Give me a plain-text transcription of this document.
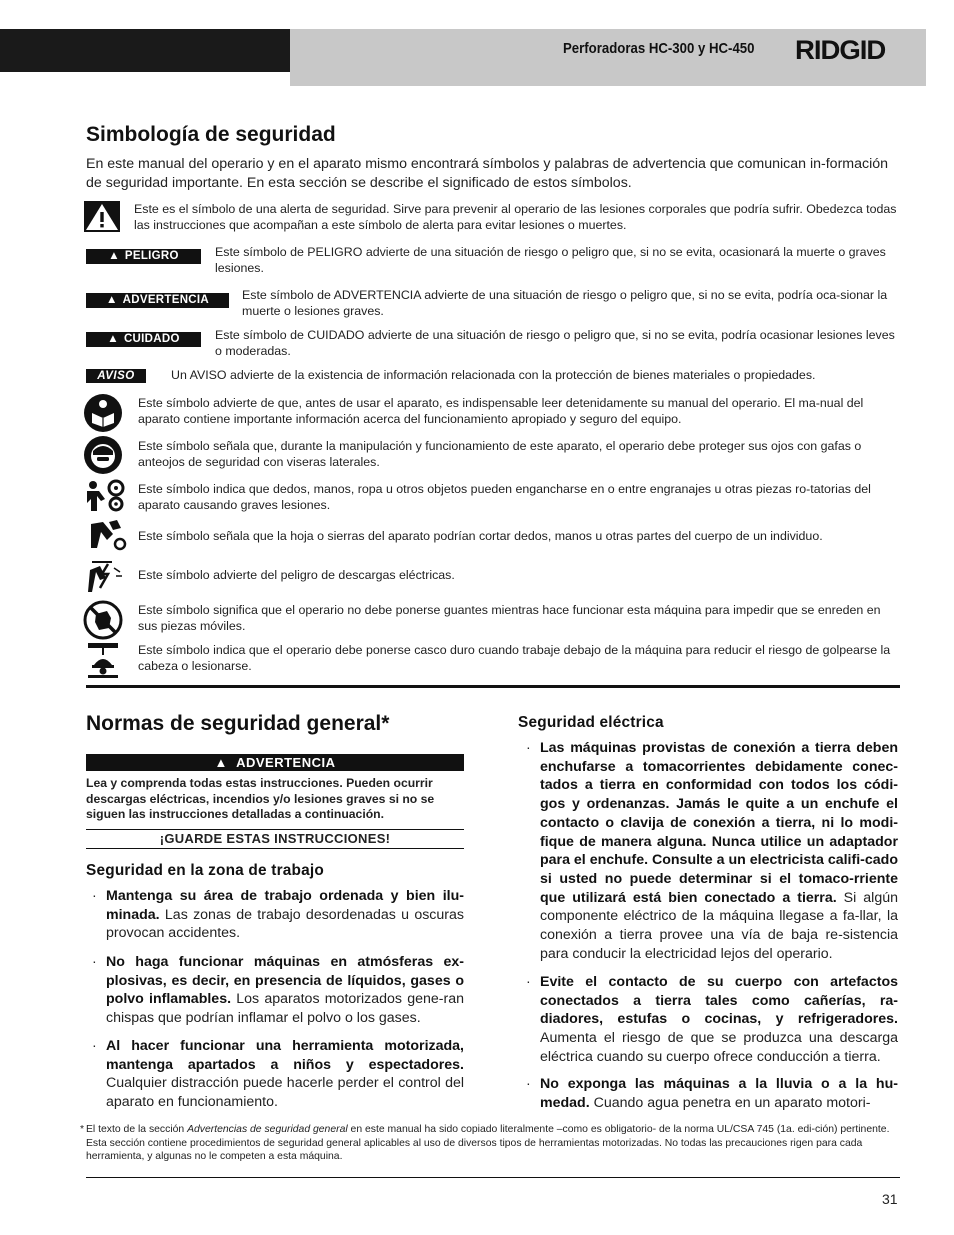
Perforadoras HC-300 y HC-450 RIDGID
Simbología de seguridad

En este manual del operario y en el aparato mismo encontrará símbolos y palabras de advertencia que comunican in-formación de seguridad importante. En esta sección se describe el significado de estos símbolos.

Este es el símbolo de una alerta de seguridad. Sirve para prevenir al operario de las lesiones corporales que podría sufrir. Obedezca todas las instrucciones que acompañan a este símbolo de alerta para evitar lesiones o muertes.

▲ PELIGRO	Este símbolo de PELIGRO advierte de una situación de riesgo o peligro que, si no se evita, ocasionará la muerte o graves lesiones.

▲ ADVERTENCIA	Este símbolo de ADVERTENCIA advierte de una situación de riesgo o peligro que, si no se evita, podría oca-sionar la muerte o lesiones graves.

▲ CUIDADO	Este símbolo de CUIDADO advierte de una situación de riesgo o peligro que, si no se evita, podría ocasionar lesiones leves o moderadas.

AVISO	Un AVISO advierte de la existencia de información relacionada con la protección de bienes materiales o propiedades.

Este símbolo advierte de que, antes de usar el aparato, es indispensable leer detenidamente su manual del operario. El ma-nual del aparato contiene importante información acerca del funcionamiento apropiado y seguro del equipo.

Este símbolo señala que, durante la manipulación y funcionamiento de este aparato, el operario debe proteger sus ojos con gafas o anteojos de seguridad con viseras laterales.

Este símbolo indica que dedos, manos, ropa u otros objetos pueden engancharse en o entre engranajes u otras piezas ro-tatorias del aparato causando graves lesiones.

Este símbolo señala que la hoja o sierras del aparato podrían cortar dedos, manos u otras partes del cuerpo de un individuo.

Este símbolo advierte del peligro de descargas eléctricas.

Este símbolo significa que el operario no debe ponerse guantes mientras hace funcionar esta máquina para impedir que se enreden en sus piezas móviles.

Este símbolo indica que el operario debe ponerse casco duro cuando trabaje debajo de la máquina para reducir el riesgo de golpearse la cabeza o lesionarse.

Normas de seguridad general*
▲ ADVERTENCIA

Lea y comprenda todas estas instrucciones. Pueden ocurrir descargas eléctricas, incendios y/o lesiones graves si no se siguen las instrucciones detalladas a continuación.

¡GUARDE ESTAS INSTRUCCIONES!
Seguridad en la zona de trabajo
· Mantenga su área de trabajo ordenada y bien ilu-minada. Las zonas de trabajo desordenadas u oscuras provocan accidentes.
· No haga funcionar máquinas en atmósferas ex-plosivas, es decir, en presencia de líquidos, gases o polvo inflamables. Los aparatos motorizados gene-ran chispas que podrían inflamar el polvo o los gases.
· Al hacer funcionar una herramienta motorizada, mantenga apartados a niños y espectadores. Cualquier distracción puede hacerle perder el control del aparato en funcionamiento.
Seguridad eléctrica
· Las máquinas provistas de conexión a tierra deben enchufarse a tomacorrientes debidamente conec-tados a tierra en conformidad con todos los códi-gos y ordenanzas. Jamás le quite a un enchufe el contacto o clavija de conexión a tierra, ni lo modi-fique de manera alguna. Nunca utilice un adaptador para el enchufe. Consulte a un electricista califi-cado si usted no puede determinar si el tomaco-rriente que utilizará está bien conectado a tierra. Si algún componente eléctrico de la máquina llegase a fa-llar, la conexión a tierra provee una vía de baja re-sistencia para conducir la electricidad lejos del operario.
· Evite el contacto de su cuerpo con artefactos conectados a tierra tales como cañerías, ra-diadores, estufas o cocinas, y refrigeradores. Aumenta el riesgo de que se produzca una descarga eléctrica cuando su cuerpo ofrece conducción a tierra.
· No exponga las máquinas a la lluvia o a la hu-medad. Cuando agua penetra en un aparato motori-

* El texto de la sección Advertencias de seguridad general en este manual ha sido copiado literalmente –como es obligatorio- de la norma UL/CSA 745 (1a. edi-ción) pertinente. Esta sección contiene procedimientos de seguridad general aplicables al uso de diversos tipos de herramientas motorizadas. No todas las precauciones rigen para cada herramienta, y algunas no le competen a esta máquina.

31
